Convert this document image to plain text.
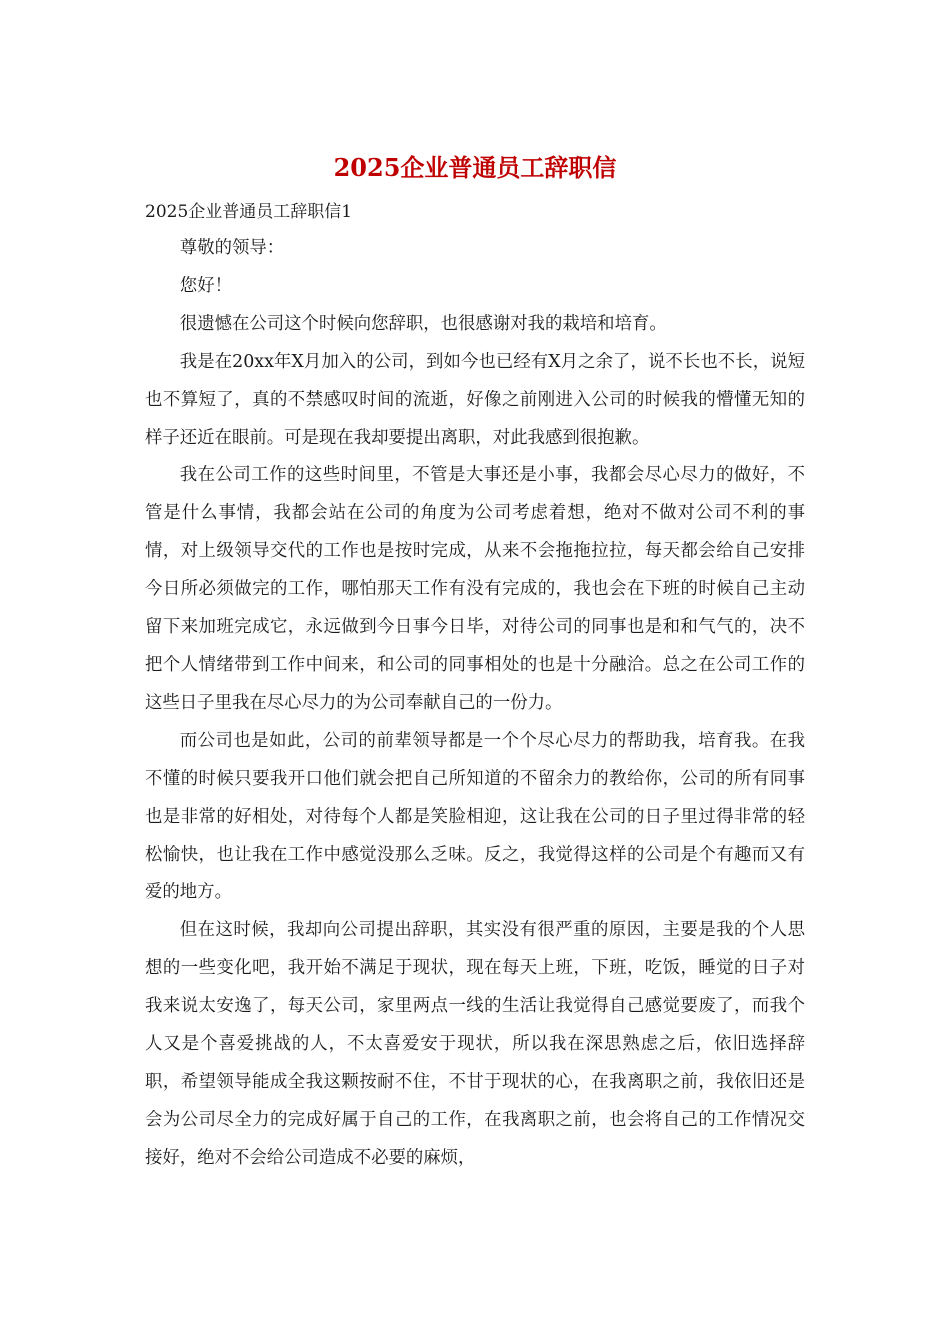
2025企业普通员工辞职信
2025企业普通员工辞职信1

尊敬的领导：

您好！

很遗憾在公司这个时候向您辞职，也很感谢对我的栽培和培育。

我是在20xx年X月加入的公司，到如今也已经有X月之余了，说不长也不长，说短也不算短了，真的不禁感叹时间的流逝，好像之前刚进入公司的时候我的懵懂无知的样子还近在眼前。可是现在我却要提出离职，对此我感到很抱歉。

我在公司工作的这些时间里，不管是大事还是小事，我都会尽心尽力的做好，不管是什么事情，我都会站在公司的角度为公司考虑着想，绝对不做对公司不利的事情，对上级领导交代的工作也是按时完成，从来不会拖拖拉拉，每天都会给自己安排今日所必须做完的工作，哪怕那天工作有没有完成的，我也会在下班的时候自己主动留下来加班完成它，永远做到今日事今日毕，对待公司的同事也是和和气气的，决不把个人情绪带到工作中间来，和公司的同事相处的也是十分融洽。总之在公司工作的这些日子里我在尽心尽力的为公司奉献自己的一份力。

而公司也是如此，公司的前辈领导都是一个个尽心尽力的帮助我，培育我。在我不懂的时候只要我开口他们就会把自己所知道的不留余力的教给你，公司的所有同事也是非常的好相处，对待每个人都是笑脸相迎，这让我在公司的日子里过得非常的轻松愉快，也让我在工作中感觉没那么乏味。反之，我觉得这样的公司是个有趣而又有爱的地方。

但在这时候，我却向公司提出辞职，其实没有很严重的原因，主要是我的个人思想的一些变化吧，我开始不满足于现状，现在每天上班，下班，吃饭，睡觉的日子对我来说太安逸了，每天公司，家里两点一线的生活让我觉得自己感觉要废了，而我个人又是个喜爱挑战的人，不太喜爱安于现状，所以我在深思熟虑之后，依旧选择辞职，希望领导能成全我这颗按耐不住，不甘于现状的心，在我离职之前，我依旧还是会为公司尽全力的完成好属于自己的工作，在我离职之前，也会将自己的工作情况交接好，绝对不会给公司造成不必要的麻烦，
